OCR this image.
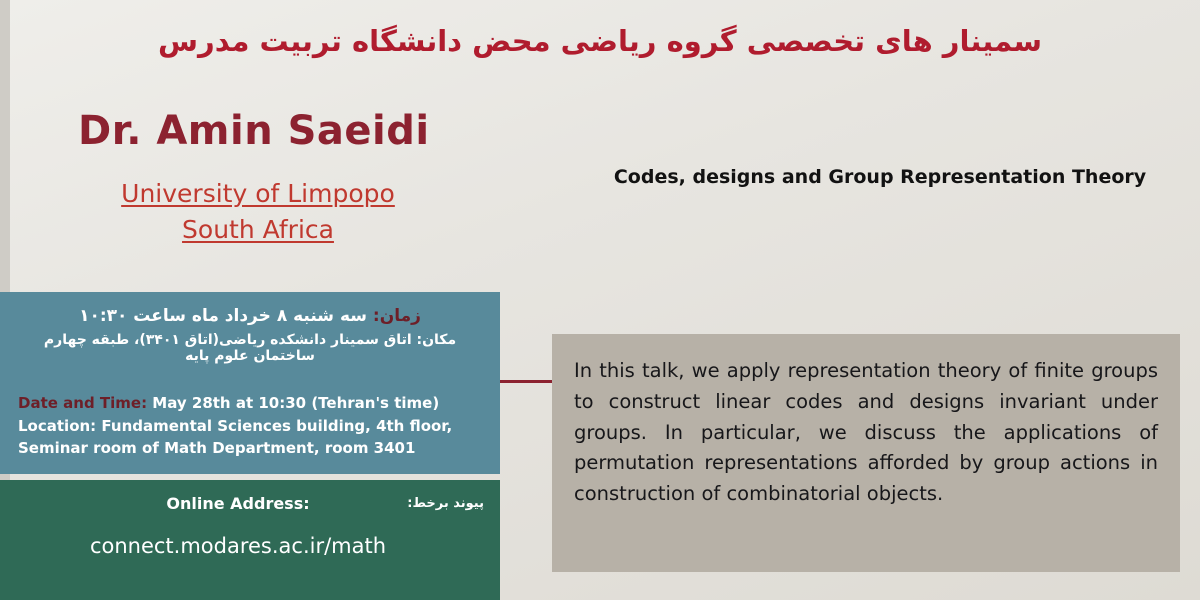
سمینار های تخصصی گروه ریاضی محض دانشگاه تربیت مدرس
Dr. Amin Saeidi
University of Limpopo
South Africa
Codes, designs and Group Representation Theory
زمان: سه شنبه ۸ خرداد ماه ساعت ۱۰:۳۰
مکان: اتاق سمینار دانشکده ریاضی(اتاق ۳۴۰۱)، طبقه چهارم ساختمان علوم پایه
Date and Time: May 28th at 10:30 (Tehran's time)
Location: Fundamental Sciences building, 4th floor, Seminar room of Math Department, room 3401
Online Address:	پیوند برخط:
connect.modares.ac.ir/math
In this talk, we apply representation theory of finite groups to construct linear codes and designs invariant under groups. In particular, we discuss the applications of permutation representations afforded by group actions in construction of combinatorial objects.
